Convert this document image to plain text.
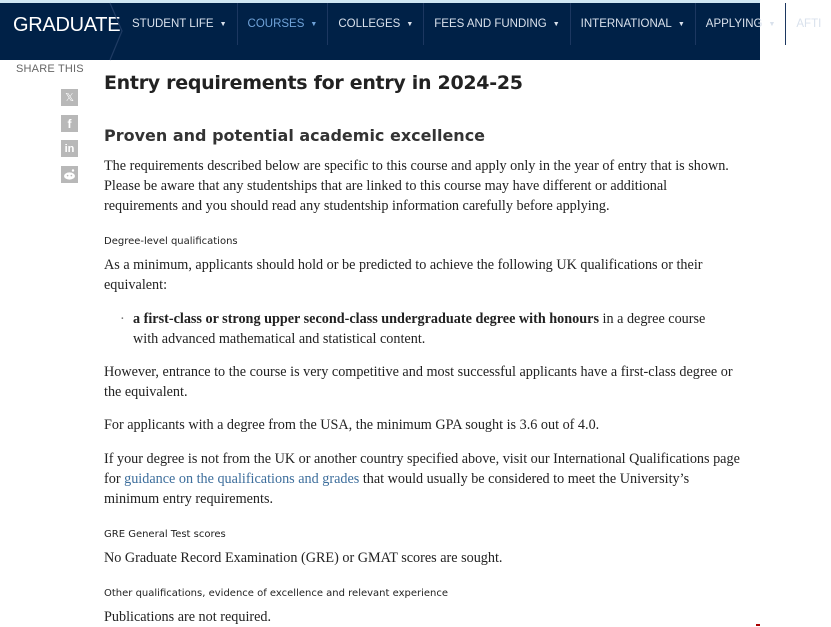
GRADUATE STUDENT LIFE ▼ COURSES ▼ COLLEGES ▼ FEES AND FUNDING ▼ INTERNATIONAL ▼ APPLYING ▼ AFTI
SHARE THIS
𝕏
f
in
Entry requirements for entry in 2024-25
Proven and potential academic excellence

The requirements described below are specific to this course and apply only in the year of entry that is shown. Please be aware that any studentships that are linked to this course may have different or additional requirements and you should read any studentship information carefully before applying.

Degree-level qualifications

As a minimum, applicants should hold or be predicted to achieve the following UK qualifications or their equivalent:

· a first-class or strong upper second-class undergraduate degree with honours in a degree course with advanced mathematical and statistical content.

However, entrance to the course is very competitive and most successful applicants have a first-class degree or the equivalent.

For applicants with a degree from the USA, the minimum GPA sought is 3.6 out of 4.0.

If your degree is not from the UK or another country specified above, visit our International Qualifications page for guidance on the qualifications and grades that would usually be considered to meet the University’s minimum entry requirements.

GRE General Test scores

No Graduate Record Examination (GRE) or GMAT scores are sought.

Other qualifications, evidence of excellence and relevant experience

Publications are not required.
